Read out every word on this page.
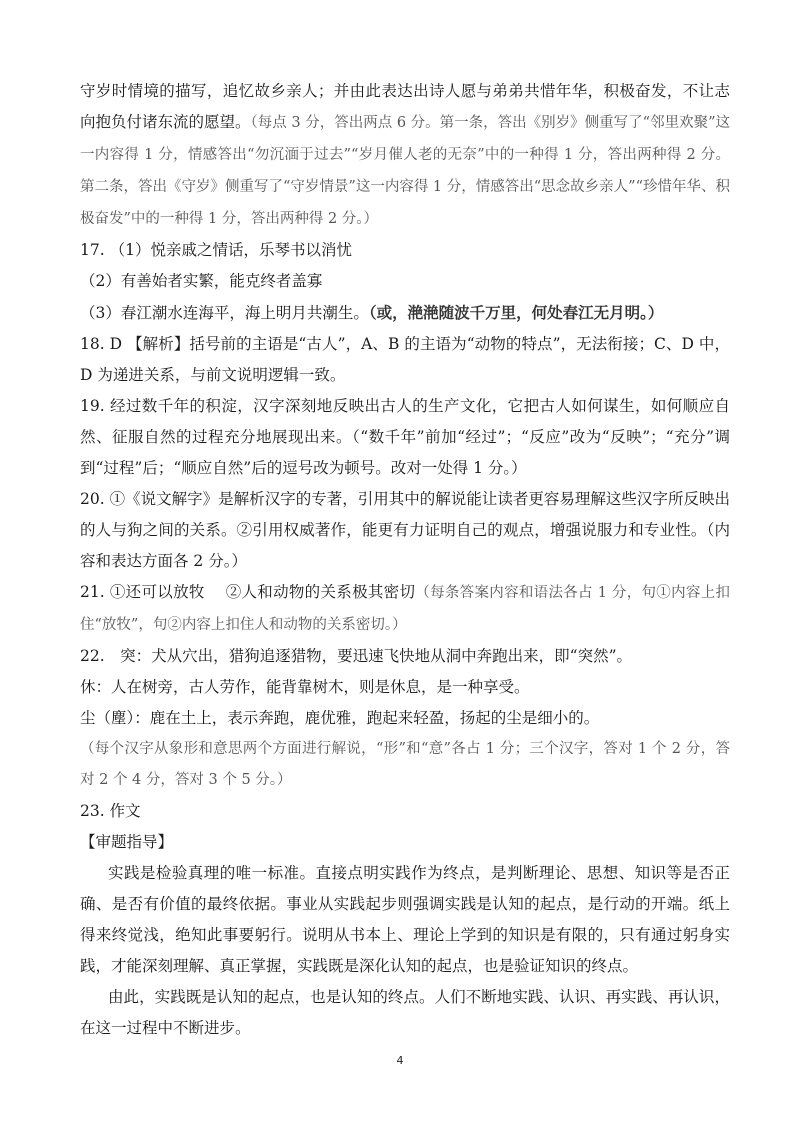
守岁时情境的描写，追忆故乡亲人；并由此表达出诗人愿与弟弟共惜年华，积极奋发，不让志向抱负付诸东流的愿望。（每点 3 分，答出两点 6 分。第一条，答出《别岁》侧重写了“邻里欢聚”这一内容得 1 分，情感答出“勿沉湎于过去”“岁月催人老的无奈”中的一种得 1 分，答出两种得 2 分。第二条，答出《守岁》侧重写了“守岁情景”这一内容得 1 分，情感答出“思念故乡亲人”“珍惜年华、积极奋发”中的一种得 1 分，答出两种得 2 分。）

17. （1）悦亲戚之情话，乐琴书以消忧

（2）有善始者实繁，能克终者盖寡

（3）春江潮水连海平，海上明月共潮生。（或，滟滟随波千万里，何处春江无月明。）

18. D 【解析】括号前的主语是“古人”，A、B 的主语为“动物的特点”，无法衔接；C、D 中，D 为递进关系，与前文说明逻辑一致。

19. 经过数千年的积淀，汉字深刻地反映出古人的生产文化，它把古人如何谋生，如何顺应自然、征服自然的过程充分地展现出来。（“数千年”前加“经过”；“反应”改为“反映”；“充分”调到“过程”后；“顺应自然”后的逗号改为顿号。改对一处得 1 分。）

20. ①《说文解字》是解析汉字的专著，引用其中的解说能让读者更容易理解这些汉字所反映出的人与狗之间的关系。②引用权威著作，能更有力证明自己的观点，增强说服力和专业性。（内容和表达方面各 2 分。）

21. ①还可以放牧　 ②人和动物的关系极其密切（每条答案内容和语法各占 1 分，句①内容上扣住“放牧”，句②内容上扣住人和动物的关系密切。）

22.　突：犬从穴出，猎狗追逐猎物，要迅速飞快地从洞中奔跑出来，即“突然”。

休：人在树旁，古人劳作，能背靠树木，则是休息，是一种享受。

尘（塵）：鹿在土上，表示奔跑，鹿优雅，跑起来轻盈，扬起的尘是细小的。

（每个汉字从象形和意思两个方面进行解说，“形”和“意”各占 1 分；三个汉字，答对 1 个 2 分，答对 2 个 4 分，答对 3 个 5 分。）

23. 作文

【审题指导】

实践是检验真理的唯一标准。直接点明实践作为终点，是判断理论、思想、知识等是否正确、是否有价值的最终依据。事业从实践起步则强调实践是认知的起点，是行动的开端。纸上得来终觉浅，绝知此事要躬行。说明从书本上、理论上学到的知识是有限的，只有通过躬身实践，才能深刻理解、真正掌握，实践既是深化认知的起点，也是验证知识的终点。

由此，实践既是认知的起点，也是认知的终点。人们不断地实践、认识、再实践、再认识，在这一过程中不断进步。

4
